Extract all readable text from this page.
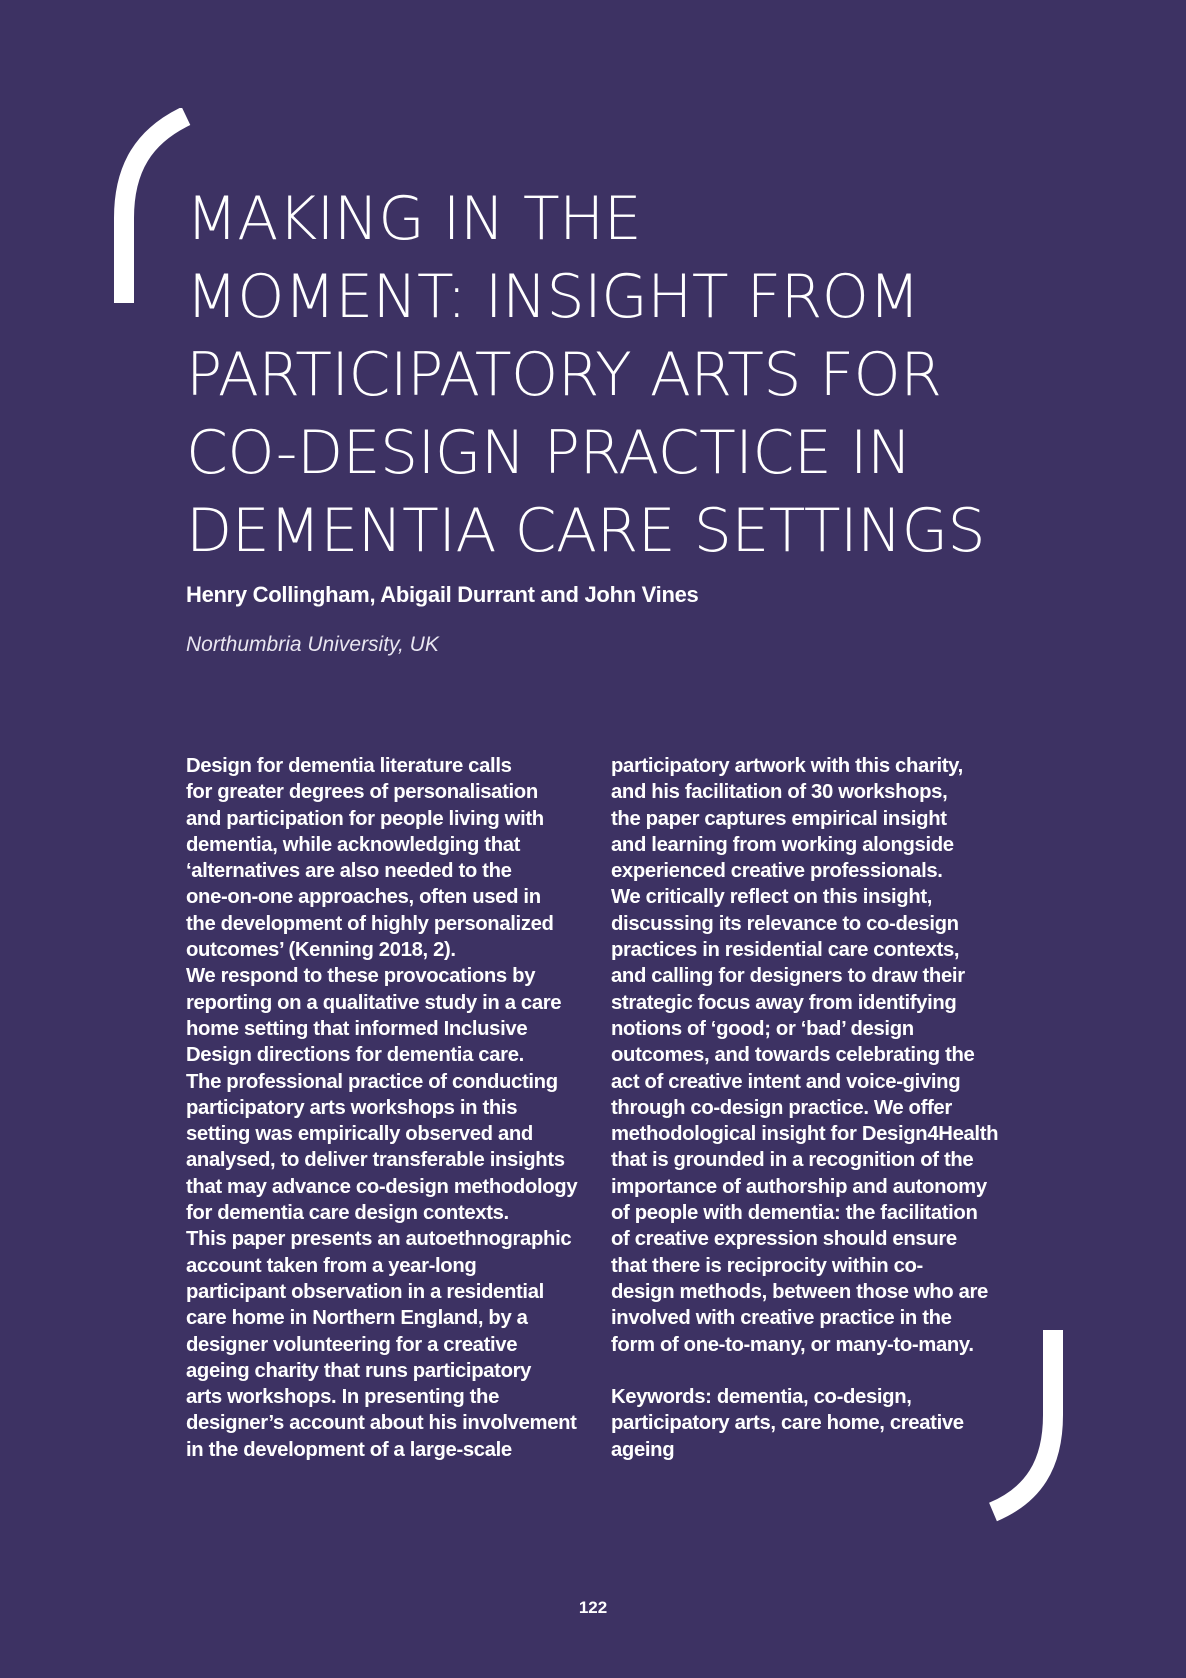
MAKING IN THE
MOMENT: INSIGHT FROM
PARTICIPATORY ARTS FOR
CO-DESIGN PRACTICE IN
DEMENTIA CARE SETTINGS

Henry Collingham, Abigail Durrant and John Vines

Northumbria University, UK

Design for dementia literature calls
for greater degrees of personalisation
and participation for people living with
dementia, while acknowledging that
‘alternatives are also needed to the
one-on-one approaches, often used in
the development of highly personalized
outcomes’ (Kenning 2018, 2).

We respond to these provocations by
reporting on a qualitative study in a care
home setting that informed Inclusive
Design directions for dementia care.
The professional practice of conducting
participatory arts workshops in this
setting was empirically observed and
analysed, to deliver transferable insights
that may advance co-design methodology
for dementia care design contexts.

This paper presents an autoethnographic
account taken from a year-long
participant observation in a residential
care home in Northern England, by a
designer volunteering for a creative
ageing charity that runs participatory
arts workshops. In presenting the
designer’s account about his involvement
in the development of a large-scale

participatory artwork with this charity,
and his facilitation of 30 workshops,
the paper captures empirical insight
and learning from working alongside
experienced creative professionals.

We critically reflect on this insight,
discussing its relevance to co-design
practices in residential care contexts,
and calling for designers to draw their
strategic focus away from identifying
notions of ‘good; or ‘bad’ design
outcomes, and towards celebrating the
act of creative intent and voice-giving
through co-design practice. We offer
methodological insight for Design4Health
that is grounded in a recognition of the
importance of authorship and autonomy
of people with dementia: the facilitation
of creative expression should ensure
that there is reciprocity within co-
design methods, between those who are
involved with creative practice in the
form of one-to-many, or many-to-many.

Keywords: dementia, co-design,
participatory arts, care home, creative
ageing

122
